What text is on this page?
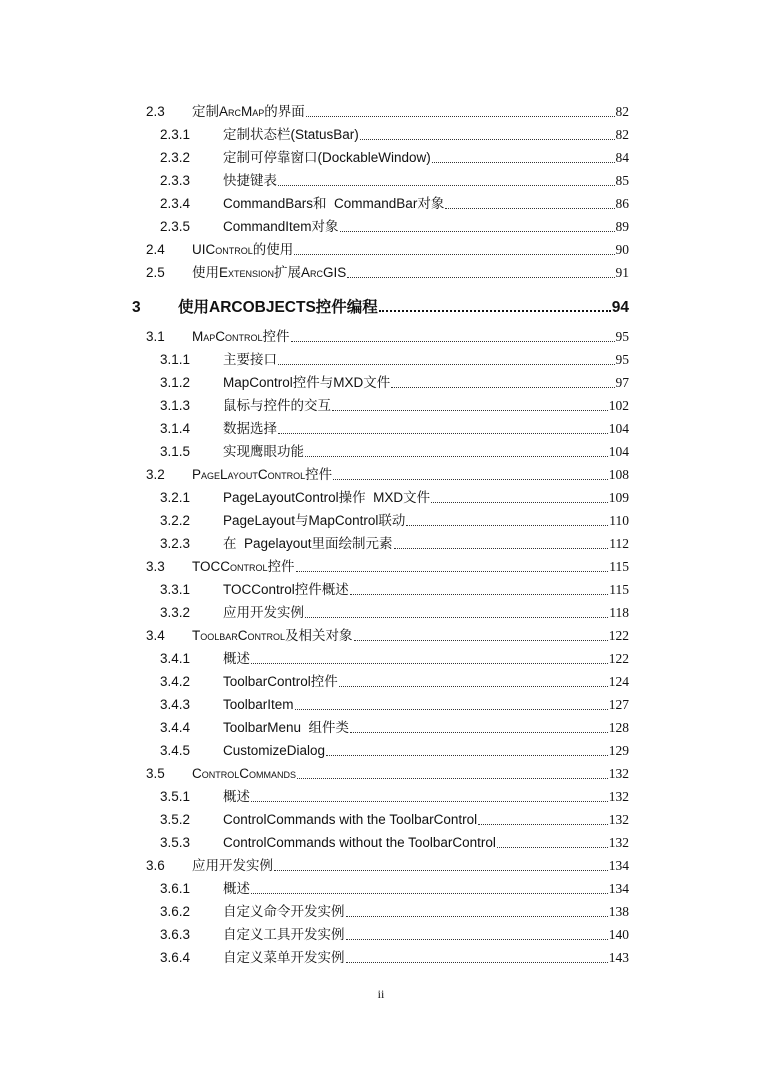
2.3	定制ArcMap的界面	82
2.3.1	定制状态栏(StatusBar)	82
2.3.2	定制可停靠窗口(DockableWindow)	84
2.3.3	快捷键表	85
2.3.4	CommandBars和  CommandBar对象	86
2.3.5	CommandItem对象	89
2.4	UIControl的使用	90
2.5	使用Extension扩展ArcGIS	91
3	使用ARCOBJECTS控件编程	94
3.1	MapControl控件	95
3.1.1	主要接口	95
3.1.2	MapControl控件与MXD文件	97
3.1.3	鼠标与控件的交互	102
3.1.4	数据选择	104
3.1.5	实现鹰眼功能	104
3.2	PageLayoutControl控件	108
3.2.1	PageLayoutControl操作  MXD文件	109
3.2.2	PageLayout与MapControl联动	110
3.2.3	在  Pagelayout里面绘制元素	112
3.3	TOCControl控件	115
3.3.1	TOCControl控件概述	115
3.3.2	应用开发实例	118
3.4	ToolbarControl及相关对象	122
3.4.1	概述	122
3.4.2	ToolbarControl控件	124
3.4.3	ToolbarItem	127
3.4.4	ToolbarMenu  组件类	128
3.4.5	CustomizeDialog	129
3.5	ControlCommands	132
3.5.1	概述	132
3.5.2	ControlCommands with the ToolbarControl	132
3.5.3	ControlCommands without the ToolbarControl	132
3.6	应用开发实例	134
3.6.1	概述	134
3.6.2	自定义命令开发实例	138
3.6.3	自定义工具开发实例	140
3.6.4	自定义菜单开发实例	143
ii
